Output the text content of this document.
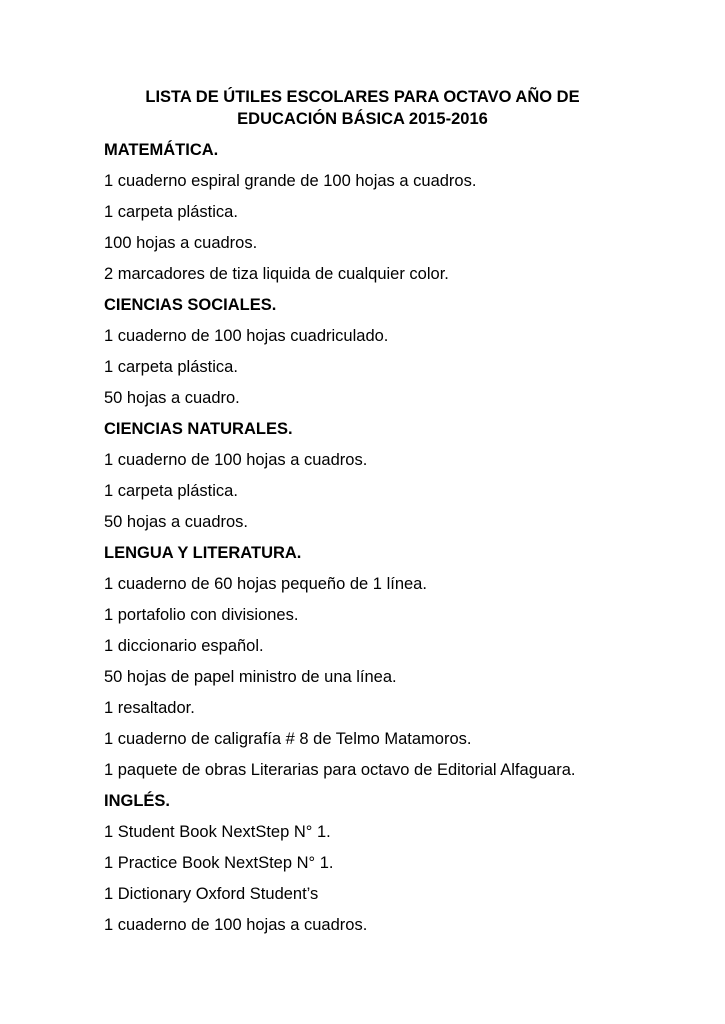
LISTA DE ÚTILES ESCOLARES PARA OCTAVO AÑO DE
EDUCACIÓN BÁSICA 2015-2016
MATEMÁTICA.
1 cuaderno espiral grande de 100 hojas a cuadros.
1 carpeta plástica.
100 hojas a cuadros.
2 marcadores de tiza liquida de cualquier color.
CIENCIAS SOCIALES.
1 cuaderno de 100 hojas cuadriculado.
1 carpeta plástica.
50 hojas a cuadro.
CIENCIAS NATURALES.
1 cuaderno de 100 hojas a cuadros.
1 carpeta plástica.
50 hojas a cuadros.
LENGUA Y LITERATURA.
1 cuaderno de 60 hojas pequeño de 1 línea.
1 portafolio con divisiones.
1 diccionario español.
50 hojas de papel ministro de una línea.
1 resaltador.
1 cuaderno de caligrafía # 8 de Telmo Matamoros.
1 paquete de obras Literarias para octavo de Editorial Alfaguara.
INGLÉS.
1 Student Book NextStep N° 1.
1 Practice Book NextStep N° 1.
1 Dictionary Oxford Student’s
1 cuaderno de 100 hojas a cuadros.
